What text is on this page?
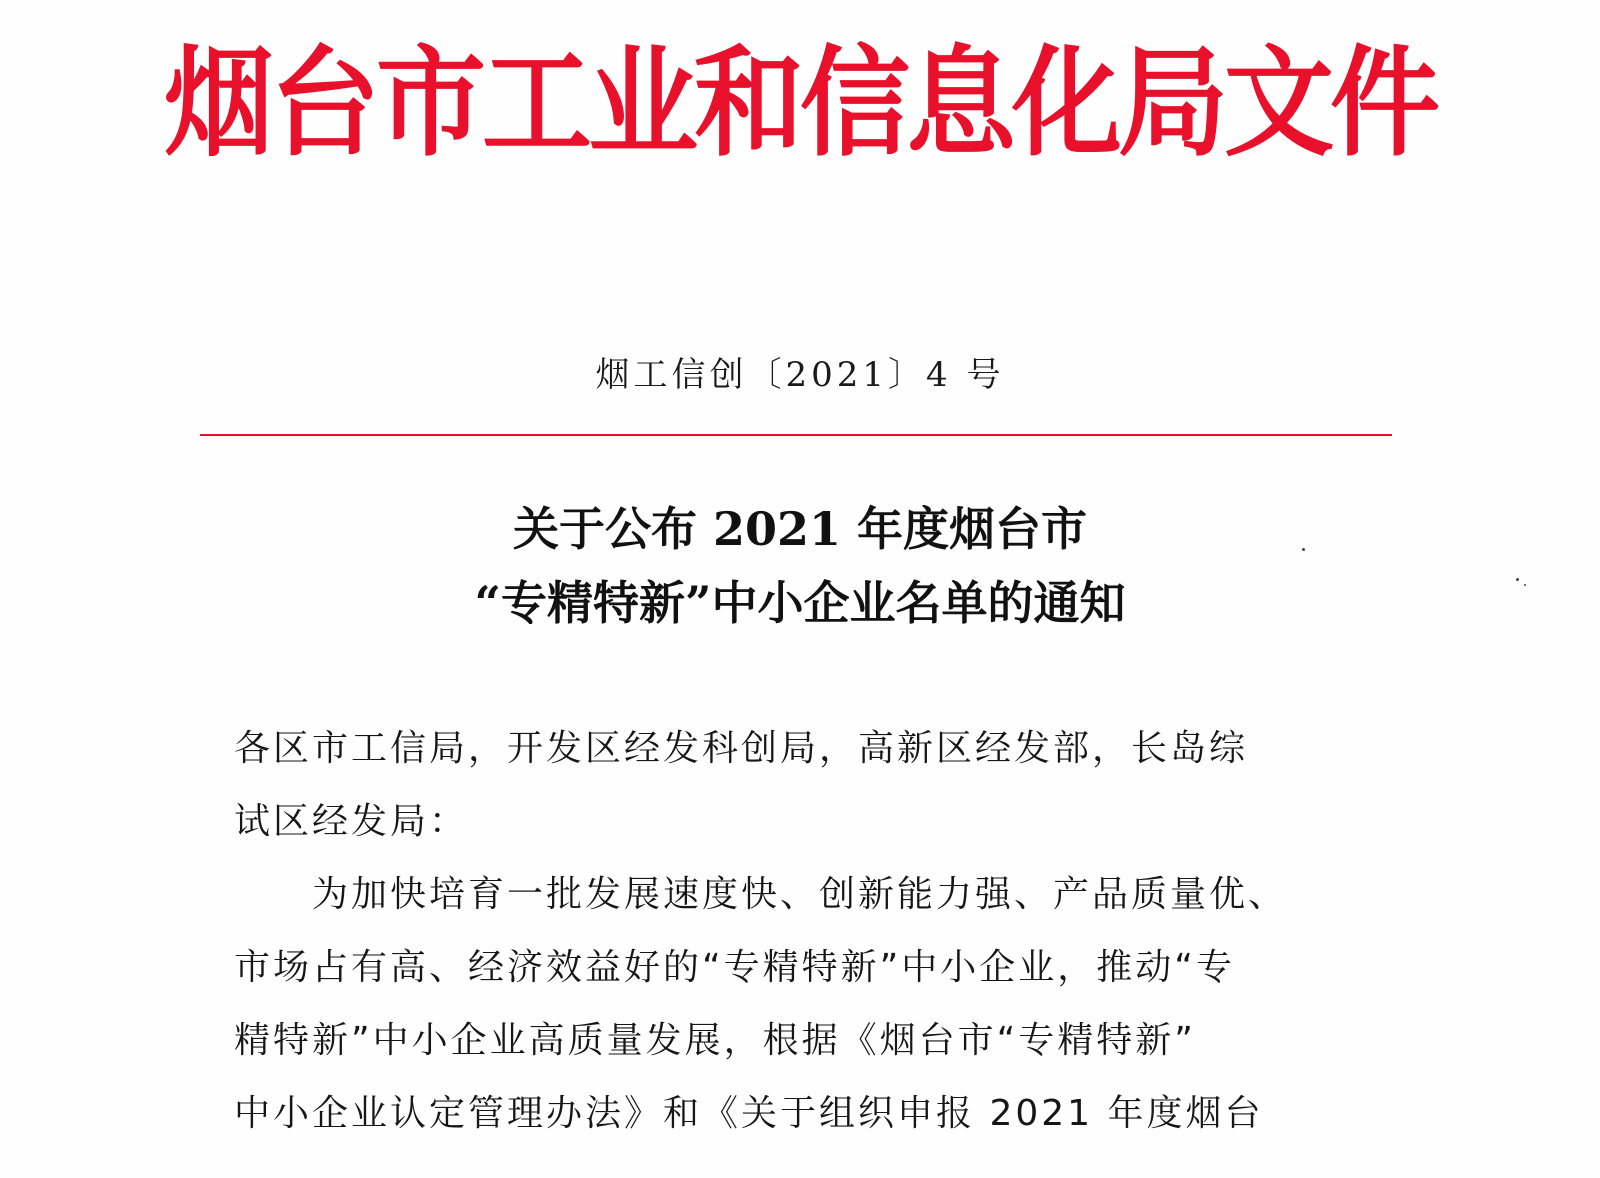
烟台市工业和信息化局文件
烟工信创〔2021〕4 号
关于公布 2021 年度烟台市
“专精特新”中小企业名单的通知

各区市工信局，开发区经发科创局，高新区经发部，长岛综

试区经发局：

　　为加快培育一批发展速度快、创新能力强、产品质量优、

市场占有高、经济效益好的“专精特新”中小企业，推动“专

精特新”中小企业高质量发展，根据《烟台市“专精特新”

中小企业认定管理办法》和《关于组织申报 2021 年度烟台
